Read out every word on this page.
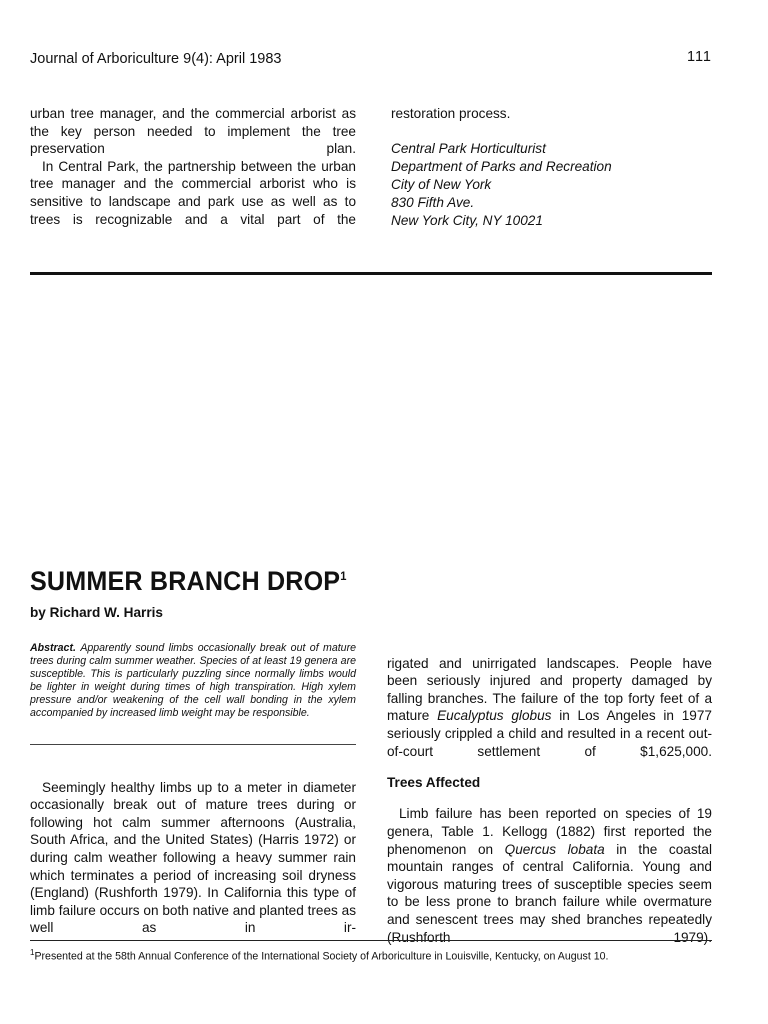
Journal of Arboriculture 9(4): April 1983	111

urban tree manager, and the commercial arborist as the key person needed to implement the tree preservation plan.

In Central Park, the partnership between the urban tree manager and the commercial arborist who is sensitive to landscape and park use as well as to trees is recognizable and a vital part of the

restoration process.

Central Park Horticulturist
Department of Parks and Recreation
City of New York
830 Fifth Ave.
New York City, NY 10021
SUMMER BRANCH DROP$^1$
by Richard W. Harris
Abstract. Apparently sound limbs occasionally break out of mature trees during calm summer weather. Species of at least 19 genera are susceptible. This is particularly puzzling since normally limbs would be lighter in weight during times of high transpiration. High xylem pressure and/or weakening of the cell wall bonding in the xylem accompanied by increased limb weight may be responsible.

Seemingly healthy limbs up to a meter in diameter occasionally break out of mature trees during or following hot calm summer afternoons (Australia, South Africa, and the United States) (Harris 1972) or during calm weather following a heavy summer rain which terminates a period of increasing soil dryness (England) (Rushforth 1979). In California this type of limb failure occurs on both native and planted trees as well as in ir-

rigated and unirrigated landscapes. People have been seriously injured and property damaged by falling branches. The failure of the top forty feet of a mature Eucalyptus globus in Los Angeles in 1977 seriously crippled a child and resulted in a recent out-of-court settlement of $1,625,000.

Trees Affected

Limb failure has been reported on species of 19 genera, Table 1. Kellogg (1882) first reported the phenomenon on Quercus lobata in the coastal mountain ranges of central California. Young and vigorous maturing trees of susceptible species seem to be less prone to branch failure while overmature and senescent trees may shed branches repeatedly (Rushforth 1979).

$^1$Presented at the 58th Annual Conference of the International Society of Arboriculture in Louisville, Kentucky, on August 10.
